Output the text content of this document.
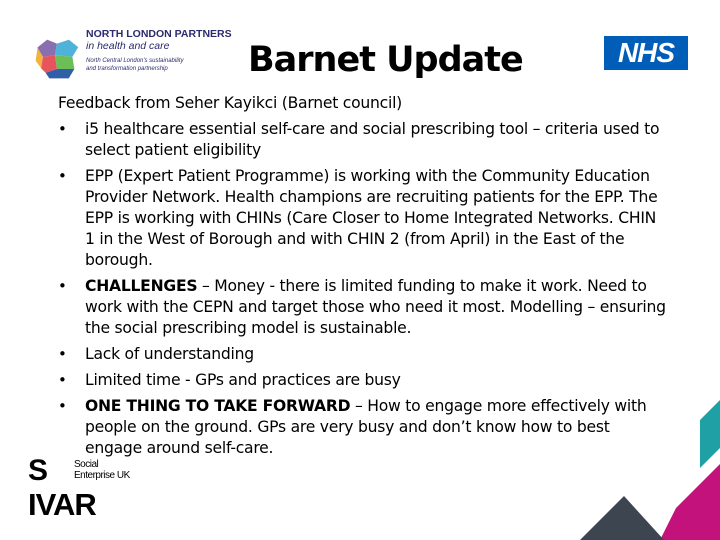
NORTH LONDON PARTNERS
in health and care
North Central London's sustainability
and transformation partnership	Barnet Update	NHS

Feedback from Seher Kayikci (Barnet council)

• i5 healthcare essential self-care and social prescribing tool – criteria used to select patient eligibility
• EPP (Expert Patient Programme) is working with the Community Education Provider Network. Health champions are recruiting patients for the EPP. The EPP is working with CHINs (Care Closer to Home Integrated Networks. CHIN 1 in the West of Borough and with CHIN 2 (from April) in the East of the borough.
• CHALLENGES – Money - there is limited funding to make it work. Need to work with the CEPN and target those who need it most. Modelling – ensuring the social prescribing model is sustainable.
• Lack of understanding
• Limited time - GPs and practices are busy
• ONE THING TO TAKE FORWARD – How to engage more effectively with people on the ground. GPs are very busy and don’t know how to best engage around self-care.
S	Social
Enterprise UK
IVAR
